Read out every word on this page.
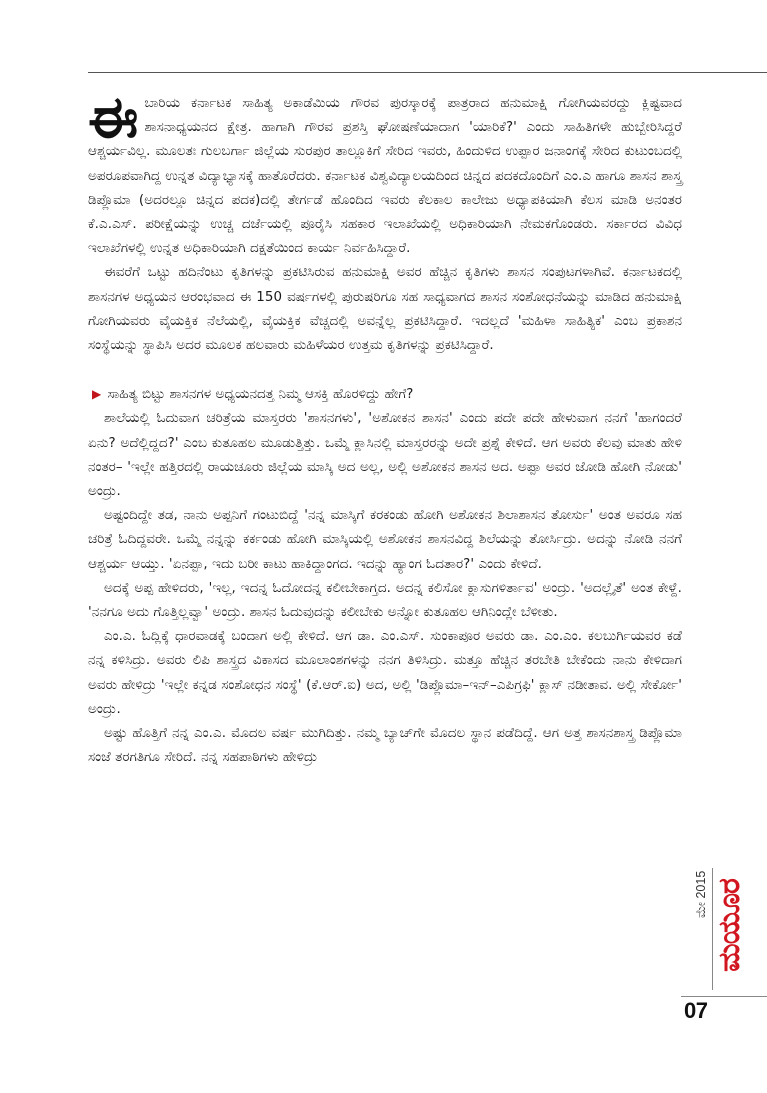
ಈಬಾರಿಯ ಕರ್ನಾಟಕ ಸಾಹಿತ್ಯ ಅಕಾಡೆಮಿಯ ಗೌರವ ಪುರಸ್ಕಾರಕ್ಕೆ ಪಾತ್ರರಾದ ಹನುಮಾಕ್ಷಿ ಗೋಗಿಯವರದ್ದು ಕ್ಲಿಷ್ಟವಾದ ಶಾಸನಾಧ್ಯಯನದ ಕ್ಷೇತ್ರ. ಹಾಗಾಗಿ ಗೌರವ ಪ್ರಶಸ್ತಿ ಘೋಷಣೆಯಾದಾಗ 'ಯಾರಿಕೆ?' ಎಂದು ಸಾಹಿತಿಗಳೇ ಹುಬ್ಬೇರಿಸಿದ್ದರೆ ಆಶ್ಚರ್ಯವಿಲ್ಲ. ಮೂಲತಃ ಗುಲಬರ್ಗಾ ಜಿಲ್ಲೆಯ ಸುರಪುರ ತಾಲ್ಲೂಕಿಗೆ ಸೇರಿದ ಇವರು, ಹಿಂದುಳಿದ ಉಪ್ಪಾರ ಜನಾಂಗಕ್ಕೆ ಸೇರಿದ ಕುಟುಂಬದಲ್ಲಿ ಅಪರೂಪವಾಗಿದ್ದ ಉನ್ನತ ವಿದ್ಯಾಭ್ಯಾಸಕ್ಕೆ ಹಾತೊರೆದರು. ಕರ್ನಾಟಕ ವಿಶ್ವವಿದ್ಯಾಲಯದಿಂದ ಚಿನ್ನದ ಪದಕದೊಂದಿಗೆ ಎಂ.ಎ ಹಾಗೂ ಶಾಸನ ಶಾಸ್ತ್ರ ಡಿಪ್ಲೊಮಾ (ಅದರಲ್ಲೂ ಚಿನ್ನದ ಪದಕ)ದಲ್ಲಿ ತೇರ್ಗಡೆ ಹೊಂದಿದ ಇವರು ಕೆಲಕಾಲ ಕಾಲೇಜು ಅಧ್ಯಾಪಕಿಯಾಗಿ ಕೆಲಸ ಮಾಡಿ ಅನಂತರ ಕೆ.ಎ.ಎಸ್. ಪರೀಕ್ಷೆಯನ್ನು ಉಚ್ಚ ದರ್ಜೆಯಲ್ಲಿ ಪೂರೈಸಿ ಸಹಕಾರ ಇಲಾಖೆಯಲ್ಲಿ ಅಧಿಕಾರಿಯಾಗಿ ನೇಮಕಗೊಂಡರು. ಸರ್ಕಾರದ ವಿವಿಧ ಇಲಾಖೆಗಳಲ್ಲಿ ಉನ್ನತ ಅಧಿಕಾರಿಯಾಗಿ ದಕ್ಷತೆಯಿಂದ ಕಾರ್ಯ ನಿರ್ವಹಿಸಿದ್ದಾರೆ.

ಈವರೆಗೆ ಒಟ್ಟು ಹದಿನೆಂಟು ಕೃತಿಗಳನ್ನು ಪ್ರಕಟಿಸಿರುವ ಹನುಮಾಕ್ಷಿ ಅವರ ಹೆಚ್ಚಿನ ಕೃತಿಗಳು ಶಾಸನ ಸಂಪುಟಗಳಾಗಿವೆ. ಕರ್ನಾಟಕದಲ್ಲಿ ಶಾಸನಗಳ ಅಧ್ಯಯನ ಆರಂಭವಾದ ಈ 150 ವರ್ಷಗಳಲ್ಲಿ ಪುರುಷರಿಗೂ ಸಹ ಸಾಧ್ಯವಾಗದ ಶಾಸನ ಸಂಶೋಧನೆಯನ್ನು ಮಾಡಿದ ಹನುಮಾಕ್ಷಿ ಗೋಗಿಯವರು ವೈಯಕ್ತಿಕ ನೆಲೆಯಲ್ಲಿ, ವೈಯಕ್ತಿಕ ವೆಚ್ಚದಲ್ಲಿ ಅವನ್ನೆಲ್ಲ ಪ್ರಕಟಿಸಿದ್ದಾರೆ. ಇದಲ್ಲದೆ 'ಮಹಿಳಾ ಸಾಹಿತ್ಯಿಕ' ಎಂಬ ಪ್ರಕಾಶನ ಸಂಸ್ಥೆಯನ್ನು ಸ್ಥಾಪಿಸಿ ಅದರ ಮೂಲಕ ಹಲವಾರು ಮಹಿಳೆಯರ ಉತ್ತಮ ಕೃತಿಗಳನ್ನು ಪ್ರಕಟಿಸಿದ್ದಾರೆ.

▶ ಸಾಹಿತ್ಯ ಬಿಟ್ಟು ಶಾಸನಗಳ ಅಧ್ಯಯನದತ್ತ ನಿಮ್ಮ ಆಸಕ್ತಿ ಹೊರಳಿದ್ದು ಹೇಗೆ?

ಶಾಲೆಯಲ್ಲಿ ಓದುವಾಗ ಚರಿತ್ರೆಯ ಮಾಸ್ತರರು 'ಶಾಸನಗಳು', 'ಅಶೋಕನ ಶಾಸನ' ಎಂದು ಪದೇ ಪದೇ ಹೇಳುವಾಗ ನನಗೆ 'ಹಾಗಂದರೆ ಏನು? ಅದೆಲ್ಲಿದ್ದದ?' ಎಂಬ ಕುತೂಹಲ ಮೂಡುತ್ತಿತ್ತು. ಒಮ್ಮೆ ಕ್ಲಾಸಿನಲ್ಲಿ ಮಾಸ್ತರರನ್ನು ಅದೇ ಪ್ರಶ್ನೆ ಕೇಳಿದೆ. ಆಗ ಅವರು ಕೆಲವು ಮಾತು ಹೇಳಿ ನಂತರ– 'ಇಲ್ಲೇ ಹತ್ತಿರದಲ್ಲಿ ರಾಯಚೂರು ಜಿಲ್ಲೆಯ ಮಾಸ್ಕಿ ಅದ ಅಲ್ಲ, ಅಲ್ಲಿ ಅಶೋಕನ ಶಾಸನ ಅದ. ಅಪ್ಪಾ ಅವರ ಜೋಡಿ ಹೋಗಿ ನೋಡು' ಅಂದ್ರು.

ಅಷ್ಟಂದಿದ್ದೇ ತಡ, ನಾನು ಅಪ್ಪನಿಗೆ ಗಂಟುಬಿದ್ದೆ 'ನನ್ನ ಮಾಸ್ಕಿಗೆ ಕರಕಂಡು ಹೋಗಿ ಅಶೋಕನ ಶಿಲಾಶಾಸನ ತೋರ್ಸು' ಅಂತ ಅವರೂ ಸಹ ಚರಿತ್ರೆ ಓದಿದ್ದವರೇ. ಒಮ್ಮೆ ನನ್ನನ್ನು ಕರ್ಕಂಡು ಹೋಗಿ ಮಾಸ್ಕಿಯಲ್ಲಿ ಅಶೋಕನ ಶಾಸನವಿದ್ದ ಶಿಲೆಯನ್ನು ತೋರ್ಸಿದ್ರು. ಅದನ್ನು ನೋಡಿ ನನಗೆ ಆಶ್ಚರ್ಯ ಆಯ್ತು. 'ಏನಪ್ಪಾ, ಇದು ಬರೀ ಕಾಟು ಹಾಕಿದ್ದಾಂಗದ. ಇದನ್ನು ಹ್ಯಾಂಗ ಓದತಾರ?' ಎಂದು ಕೇಳಿದೆ.

ಅದಕ್ಕೆ ಅಪ್ಪ ಹೇಳಿದರು, 'ಇಲ್ಲ, ಇದನ್ನ ಓದೋದನ್ನ ಕಲೀಬೇಕಾಗ್ತದ. ಅದನ್ನ ಕಲಿಸೋ ಕ್ಲಾಸುಗಳಿರ್ತಾವ' ಅಂದ್ರು. 'ಅದಲ್ಲೈತೆ' ಅಂತ ಕೇಳ್ದೆ. 'ನನಗೂ ಅದು ಗೊತ್ತಿಲ್ಲವ್ವಾ' ಅಂದ್ರು. ಶಾಸನ ಓದುವುದನ್ನು ಕಲೀಬೇಕು ಅನ್ನೋ ಕುತೂಹಲ ಆಗಿನಿಂದ್ಲೇ ಬೆಳೀತು.

ಎಂ.ಎ. ಓದ್ಲಿಕ್ಕೆ ಧಾರವಾಡಕ್ಕೆ ಬಂದಾಗ ಅಲ್ಲಿ ಕೇಳಿದೆ. ಆಗ ಡಾ. ಎಂ.ಎಸ್. ಸುಂಕಾಪೂರ ಅವರು ಡಾ. ಎಂ.ಎಂ. ಕಲಬುರ್ಗಿಯವರ ಕಡೆ ನನ್ನ ಕಳಿಸಿದ್ರು. ಅವರು ಲಿಪಿ ಶಾಸ್ತ್ರದ ವಿಕಾಸದ ಮೂಲಾಂಶಗಳನ್ನು ನನಗ ತಿಳಿಸಿದ್ರು. ಮತ್ತೂ ಹೆಚ್ಚಿನ ತರಬೇತಿ ಬೇಕೆಂದು ನಾನು ಕೇಳಿದಾಗ ಅವರು ಹೇಳಿದ್ರು 'ಇಲ್ಲೇ ಕನ್ನಡ ಸಂಶೋಧನ ಸಂಸ್ಥೆ' (ಕೆ.ಆರ್.ಐ) ಅದ, ಅಲ್ಲಿ 'ಡಿಪ್ಲೊಮಾ–ಇನ್–ಎಪಿಗ್ರಫಿ' ಕ್ಲಾಸ್ ನಡೀತಾವ. ಅಲ್ಲಿ ಸೇರ್ಕೋ' ಅಂದ್ರು.

ಅಷ್ಟು ಹೊತ್ತಿಗೆ ನನ್ನ ಎಂ.ಎ. ಮೊದಲ ವರ್ಷ ಮುಗಿದಿತ್ತು. ನಮ್ಮ ಬ್ಯಾಚ್‌ಗೇ ಮೊದಲ ಸ್ಥಾನ ಪಡೆದಿದ್ದೆ. ಆಗ ಅತ್ತ ಶಾಸನಶಾಸ್ತ್ರ ಡಿಪ್ಲೊಮಾ ಸಂಜೆ ತರಗತಿಗೂ ಸೇರಿದೆ. ನನ್ನ ಸಹಪಾಠಿಗಳು ಹೇಳಿದ್ರು

ಮೇ 2015 ಮಯೂರ
07
